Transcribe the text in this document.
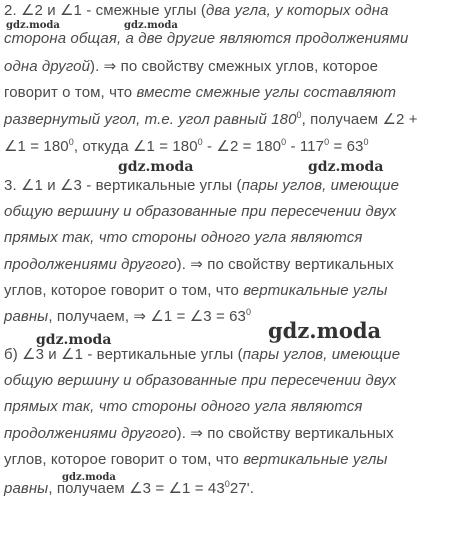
2. ∠2 и ∠1 - смежные углы (два угла, у которых одна
сторона общая, а две другие являются продолжениями
одна другой). ⇒ по свойству смежных углов, которое
говорит о том, что вместе смежные углы составляют
развернутый угол, т.е. угол равный $180^0$, получаем ∠2 +
∠1 = $180^0$, откуда ∠1 = $180^0$ - ∠2 = $180^0 - 117^0 = 63^0$
3. ∠1 и ∠3 - вертикальные углы (пары углов, имеющие
общую вершину и образованные при пересечении двух
прямых так, что стороны одного угла являются
продолжениями другого). ⇒ по свойству вертикальных
углов, которое говорит о том, что вертикальные углы
равны, получаем, ⇒ ∠1 = ∠3 = $63^0$
б) ∠3 и ∠1 - вертикальные углы (пары углов, имеющие
общую вершину и образованные при пересечении двух
прямых так, что стороны одного угла являются
продолжениями другого). ⇒ по свойству вертикальных
углов, которое говорит о том, что вертикальные углы
равны, получаем ∠3 = ∠1 = $43^027'$.
gdz.moda	gdz.moda
gdz.moda	gdz.moda
gdz.moda
gdz.moda
gdz.moda
